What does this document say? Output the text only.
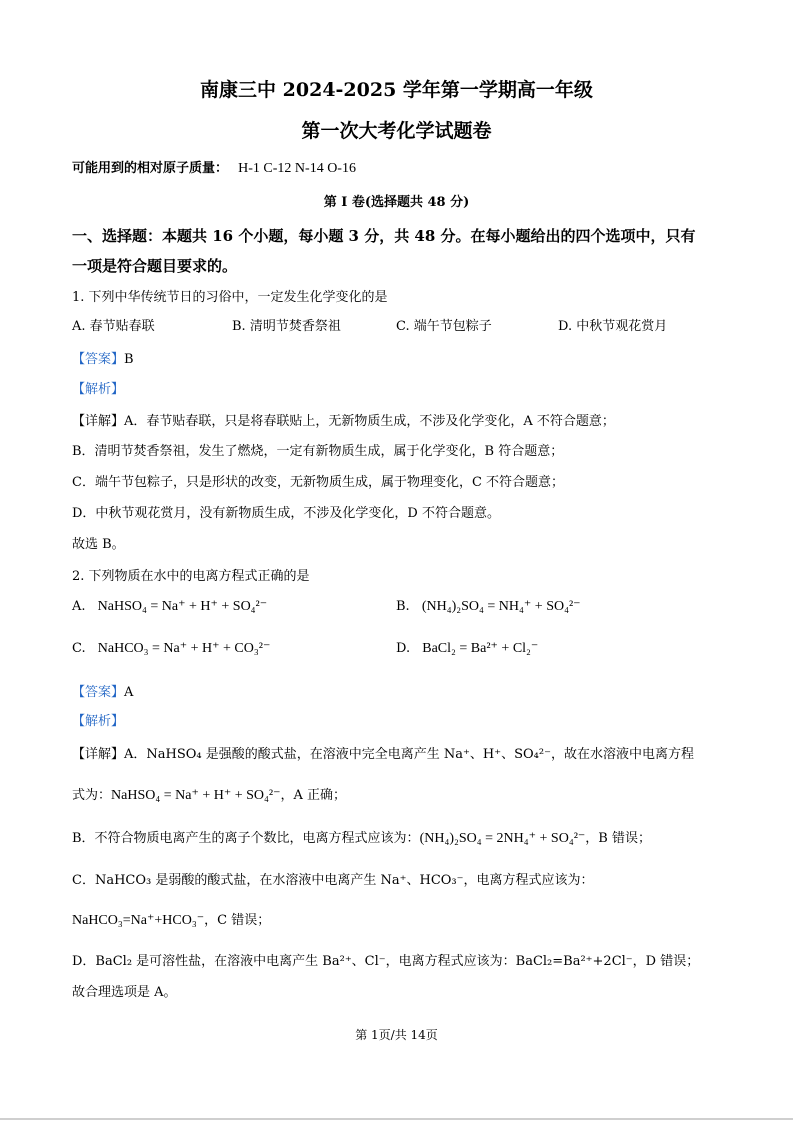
南康三中 2024-2025 学年第一学期高一年级
第一次大考化学试题卷
可能用到的相对原子质量： H-1 C-12 N-14 O-16
第 I 卷(选择题共 48 分)
一、选择题：本题共 16 个小题，每小题 3 分，共 48 分。在每小题给出的四个选项中，只有
一项是符合题目要求的。
1. 下列中华传统节日的习俗中，一定发生化学变化的是
A. 春节贴春联	B. 清明节焚香祭祖	C. 端午节包粽子	D. 中秋节观花赏月
【答案】B
【解析】
【详解】A．春节贴春联，只是将春联贴上，无新物质生成，不涉及化学变化，A 不符合题意；
B．清明节焚香祭祖，发生了燃烧，一定有新物质生成，属于化学变化，B 符合题意；
C．端午节包粽子，只是形状的改变，无新物质生成，属于物理变化，C 不符合题意；
D．中秋节观花赏月，没有新物质生成，不涉及化学变化，D 不符合题意。
故选 B。
2. 下列物质在水中的电离方程式正确的是
A. NaHSO₄ = Na⁺ + H⁺ + SO₄²⁻	B. (NH₄)₂SO₄ = NH₄⁺ + SO₄²⁻
C. NaHCO₃ = Na⁺ + H⁺ + CO₃²⁻	D. BaCl₂ = Ba²⁺ + Cl₂⁻
【答案】A
【解析】
【详解】A．NaHSO₄ 是强酸的酸式盐，在溶液中完全电离产生 Na⁺、H⁺、SO₄²⁻，故在水溶液中电离方程
式为：NaHSO₄ = Na⁺ + H⁺ + SO₄²⁻，A 正确；
B．不符合物质电离产生的离子个数比，电离方程式应该为：(NH₄)₂SO₄ = 2NH₄⁺ + SO₄²⁻，B 错误；
C．NaHCO₃ 是弱酸的酸式盐，在水溶液中电离产生 Na⁺、HCO₃⁻，电离方程式应该为：
NaHCO₃=Na⁺+HCO₃⁻，C 错误；
D．BaCl₂ 是可溶性盐，在溶液中电离产生 Ba²⁺、Cl⁻，电离方程式应该为：BaCl₂=Ba²⁺+2Cl⁻，D 错误；
故合理选项是 A。
第 1页/共 14页
